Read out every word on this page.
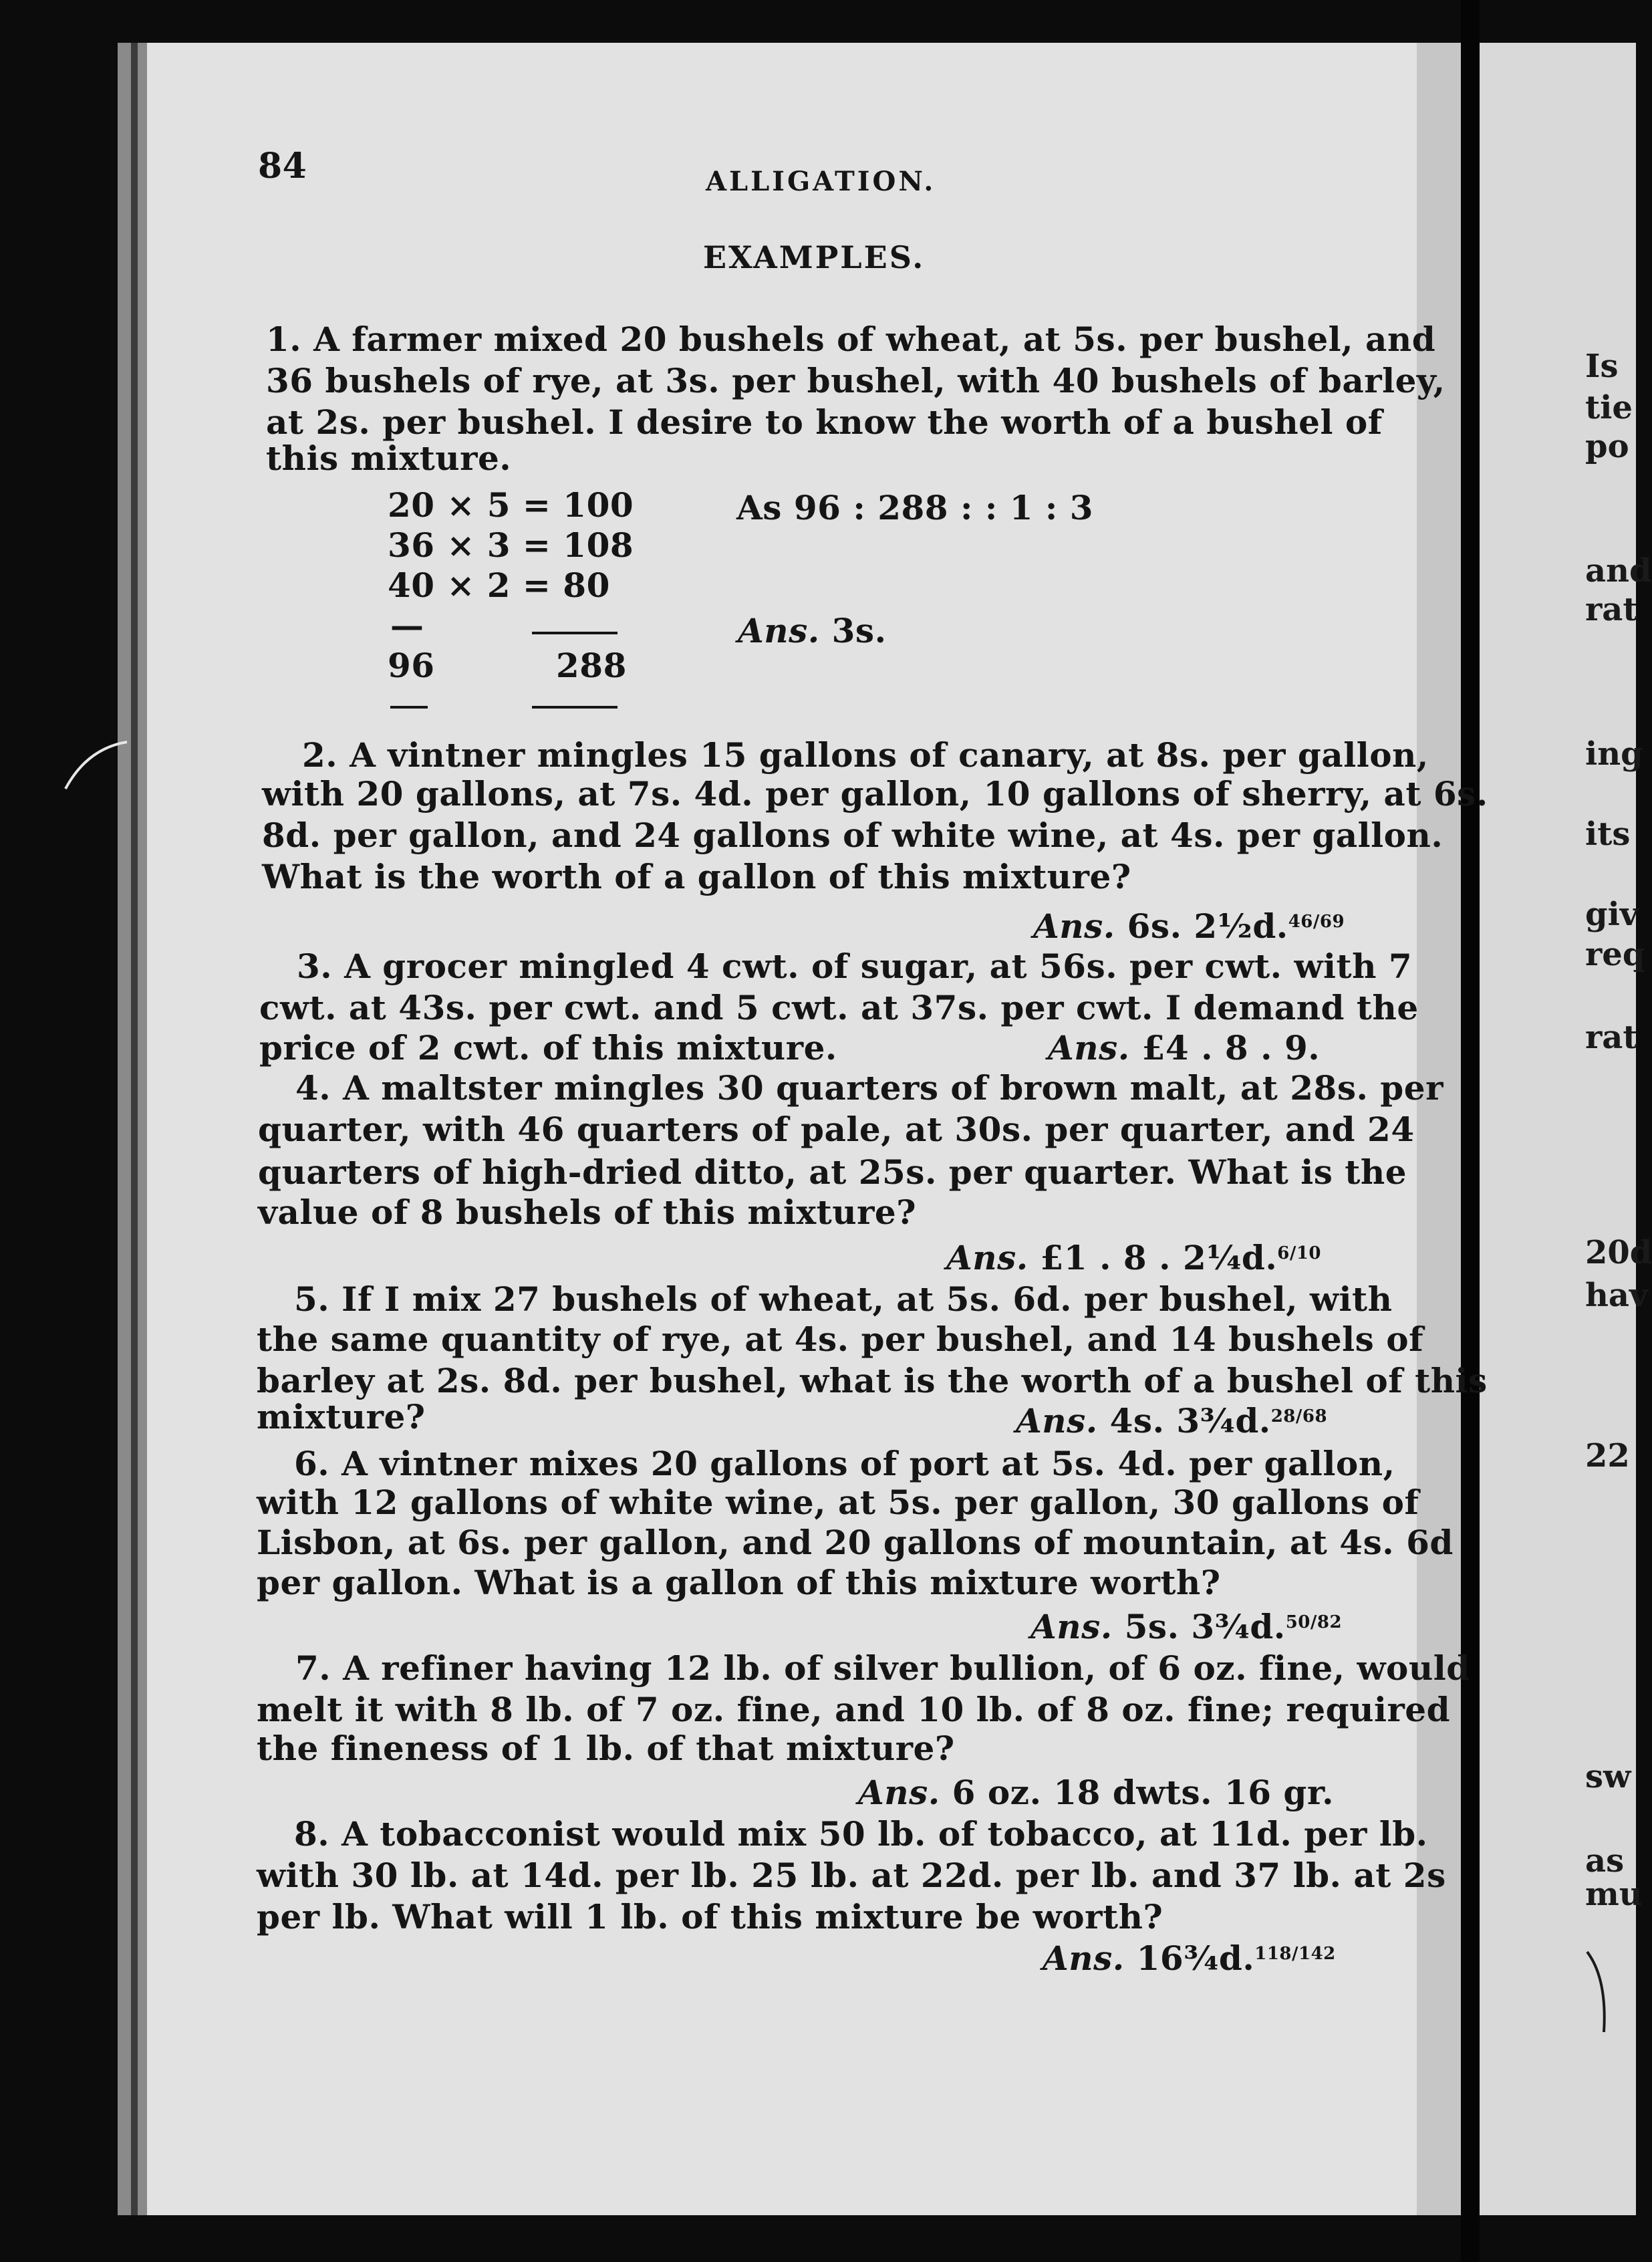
84	ALLIGATION.
EXAMPLES.
1. A farmer mixed 20 bushels of wheat, at 5s. per bushel, and
36 bushels of rye, at 3s. per bushel, with 40 bushels of barley,
at 2s. per bushel. I desire to know the worth of a bushel of
this mixture.
20 × 5 = 100
36 × 3 = 108
40 × 2 = 80
—
96	288
As 96 : 288 : : 1 : 3
Ans. 3s.
2. A vintner mingles 15 gallons of canary, at 8s. per gallon,
with 20 gallons, at 7s. 4d. per gallon, 10 gallons of sherry, at 6s.
8d. per gallon, and 24 gallons of white wine, at 4s. per gallon.
What is the worth of a gallon of this mixture?
Ans. 6s. 2½d.$^{46/69}$
3. A grocer mingled 4 cwt. of sugar, at 56s. per cwt. with 7
cwt. at 43s. per cwt. and 5 cwt. at 37s. per cwt. I demand the
price of 2 cwt. of this mixture.	Ans. £4 . 8 . 9.
4. A maltster mingles 30 quarters of brown malt, at 28s. per
quarter, with 46 quarters of pale, at 30s. per quarter, and 24
quarters of high-dried ditto, at 25s. per quarter. What is the
value of 8 bushels of this mixture?
Ans. £1 . 8 . 2¼d.$^{6/10}$
5. If I mix 27 bushels of wheat, at 5s. 6d. per bushel, with
the same quantity of rye, at 4s. per bushel, and 14 bushels of
barley at 2s. 8d. per bushel, what is the worth of a bushel of this
mixture?	Ans. 4s. 3¾d.$^{28/68}$
6. A vintner mixes 20 gallons of port at 5s. 4d. per gallon,
with 12 gallons of white wine, at 5s. per gallon, 30 gallons of
Lisbon, at 6s. per gallon, and 20 gallons of mountain, at 4s. 6d
per gallon. What is a gallon of this mixture worth?
Ans. 5s. 3¾d.$^{50/82}$
7. A refiner having 12 lb. of silver bullion, of 6 oz. fine, would
melt it with 8 lb. of 7 oz. fine, and 10 lb. of 8 oz. fine; required
the fineness of 1 lb. of that mixture?
Ans. 6 oz. 18 dwts. 16 gr.
8. A tobacconist would mix 50 lb. of tobacco, at 11d. per lb.
with 30 lb. at 14d. per lb. 25 lb. at 22d. per lb. and 37 lb. at 2s
per lb. What will 1 lb. of this mixture be worth?
Ans. 16¾d.$^{118/142}$
Is
tie
po
and
rat
ing
its
giv
req
rat
20d
hav
22
sw
as
mu
